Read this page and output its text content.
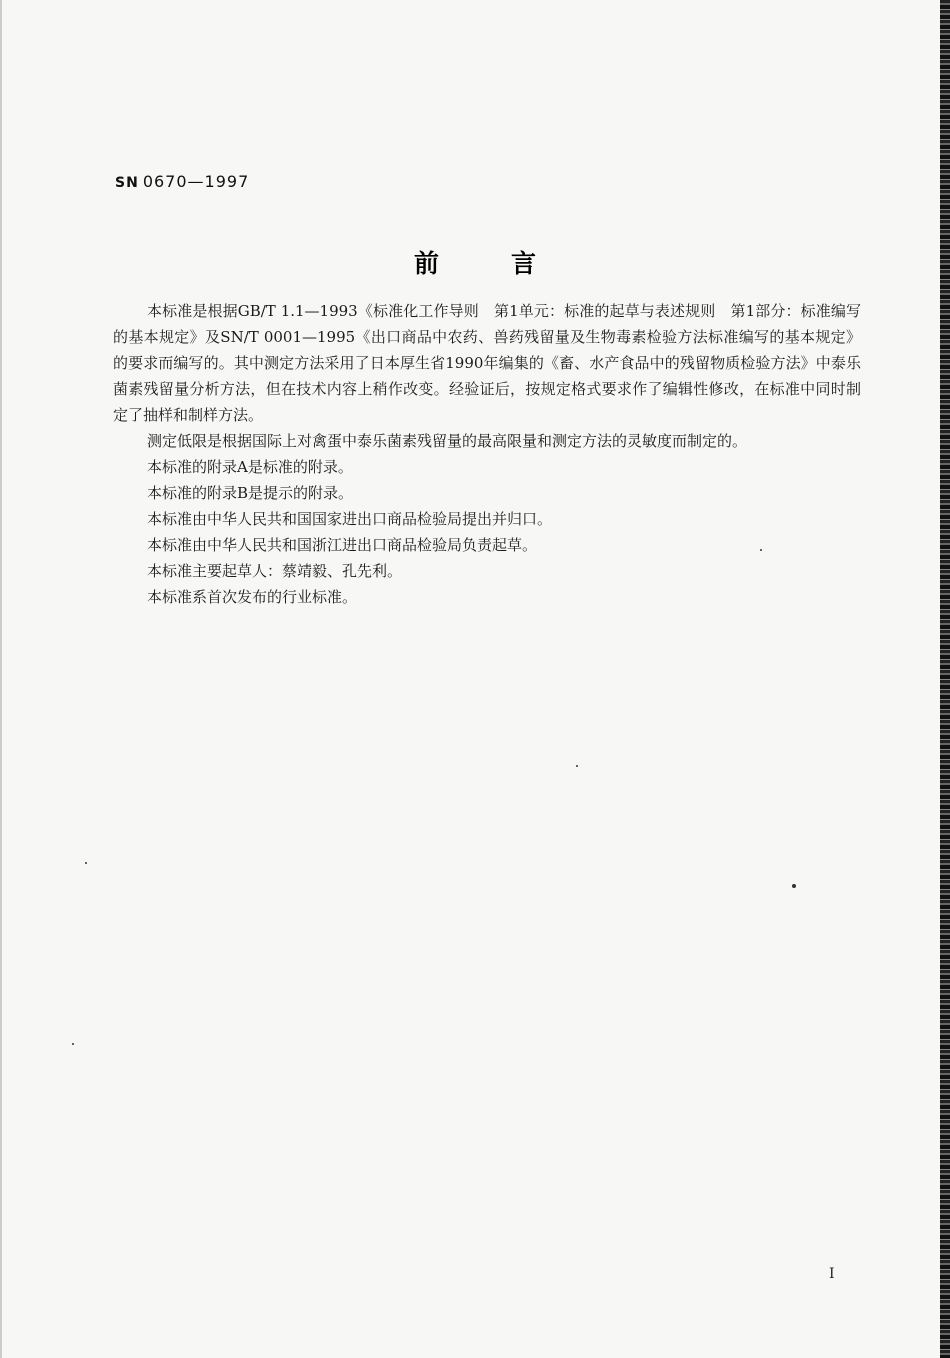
SN 0670—1997
前言

本标准是根据GB/T 1.1—1993《标准化工作导则　第1单元：标准的起草与表述规则　第1部分：标准编写的基本规定》及SN/T 0001—1995《出口商品中农药、兽药残留量及生物毒素检验方法标准编写的基本规定》的要求而编写的。其中测定方法采用了日本厚生省1990年编集的《畜、水产食品中的残留物质检验方法》中泰乐菌素残留量分析方法，但在技术内容上稍作改变。经验证后，按规定格式要求作了编辑性修改，在标准中同时制定了抽样和制样方法。

测定低限是根据国际上对禽蛋中泰乐菌素残留量的最高限量和测定方法的灵敏度而制定的。

本标准的附录A是标准的附录。

本标准的附录B是提示的附录。

本标准由中华人民共和国国家进出口商品检验局提出并归口。

本标准由中华人民共和国浙江进出口商品检验局负责起草。

本标准主要起草人：蔡靖毅、孔先利。

本标准系首次发布的行业标准。

I
